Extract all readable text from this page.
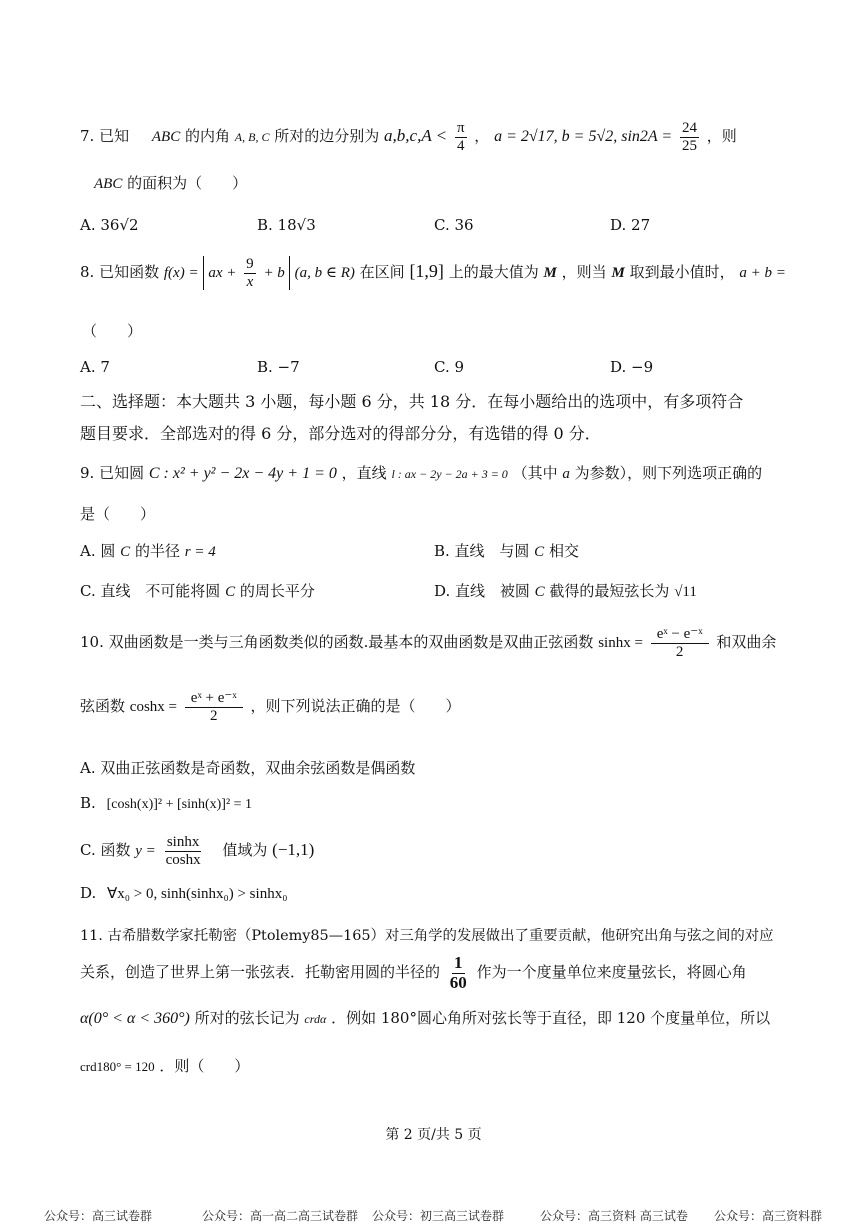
7. 已知 ABC 的内角 A, B, C 所对的边分别为 $a,b,c,A < \frac{\pi}{4}$ ， a = 2√17, b = 5√2, $\sin 2A = \frac{24}{25}$ ，则
ABC 的面积为（　　）
A. 36√2	B. 18√3	C. 36	D. 27
8. 已知函数 f(x) = ax + $\frac{9}{x} + b$ (a, b ∈ R) 在区间 [1,9] 上的最大值为 M ，则当 M 取到最小值时， a + b =
（　　）
A. 7	B. −7	C. 9	D. −9
二、选择题：本大题共 3 小题，每小题 6 分，共 18 分．在每小题给出的选项中，有多项符合
题目要求．全部选对的得 6 分，部分选对的得部分分，有选错的得 0 分．
9. 已知圆 C : x² + y² − 2x − 4y + 1 = 0 ，直线 l : ax − 2y − 2a + 3 = 0 （其中 a 为参数），则下列选项正确的
是（　　）
A. 圆 C 的半径 r = 4	B. 直线 与圆 C 相交
C. 直线 不可能将圆 C 的周长平分	D. 直线 被圆 C 截得的最短弦长为 √11
10. 双曲函数是一类与三角函数类似的函数.最基本的双曲函数是双曲正弦函数 $\sinh x = \frac{\text{eˣ − e⁻ˣ}}{2}$ 和双曲余
弦函数 $\cosh x = \frac{\text{eˣ + e⁻ˣ}}{2}$ ，则下列说法正确的是（　　）
A. 双曲正弦函数是奇函数，双曲余弦函数是偶函数
B. [cosh(x)]² + [sinh(x)]² = 1
C. 函数 $y = \frac{\sinh x}{\cosh x}$ 值域为 (−1,1)
D. ∀x₀ > 0, sinh(sinhx₀) > sinhx₀
11. 古希腊数学家托勒密（Ptolemy85—165）对三角学的发展做出了重要贡献，他研究出角与弦之间的对应
关系，创造了世界上第一张弦表．托勒密用圆的半径的 $\frac{1}{60}$ 作为一个度量单位来度量弦长，将圆心角
α(0° < α < 360°) 所对的弦长记为 crdα ．例如 180°圆心角所对弦长等于直径，即 120 个度量单位，所以
crd180° = 120 ．则（　　）
第 2 页/共 5 页
公众号：高三试卷群	公众号：高一高二高三试卷群 公众号：初三高三试卷群	公众号：高三资料 高三试卷 公众号：高三资料群
